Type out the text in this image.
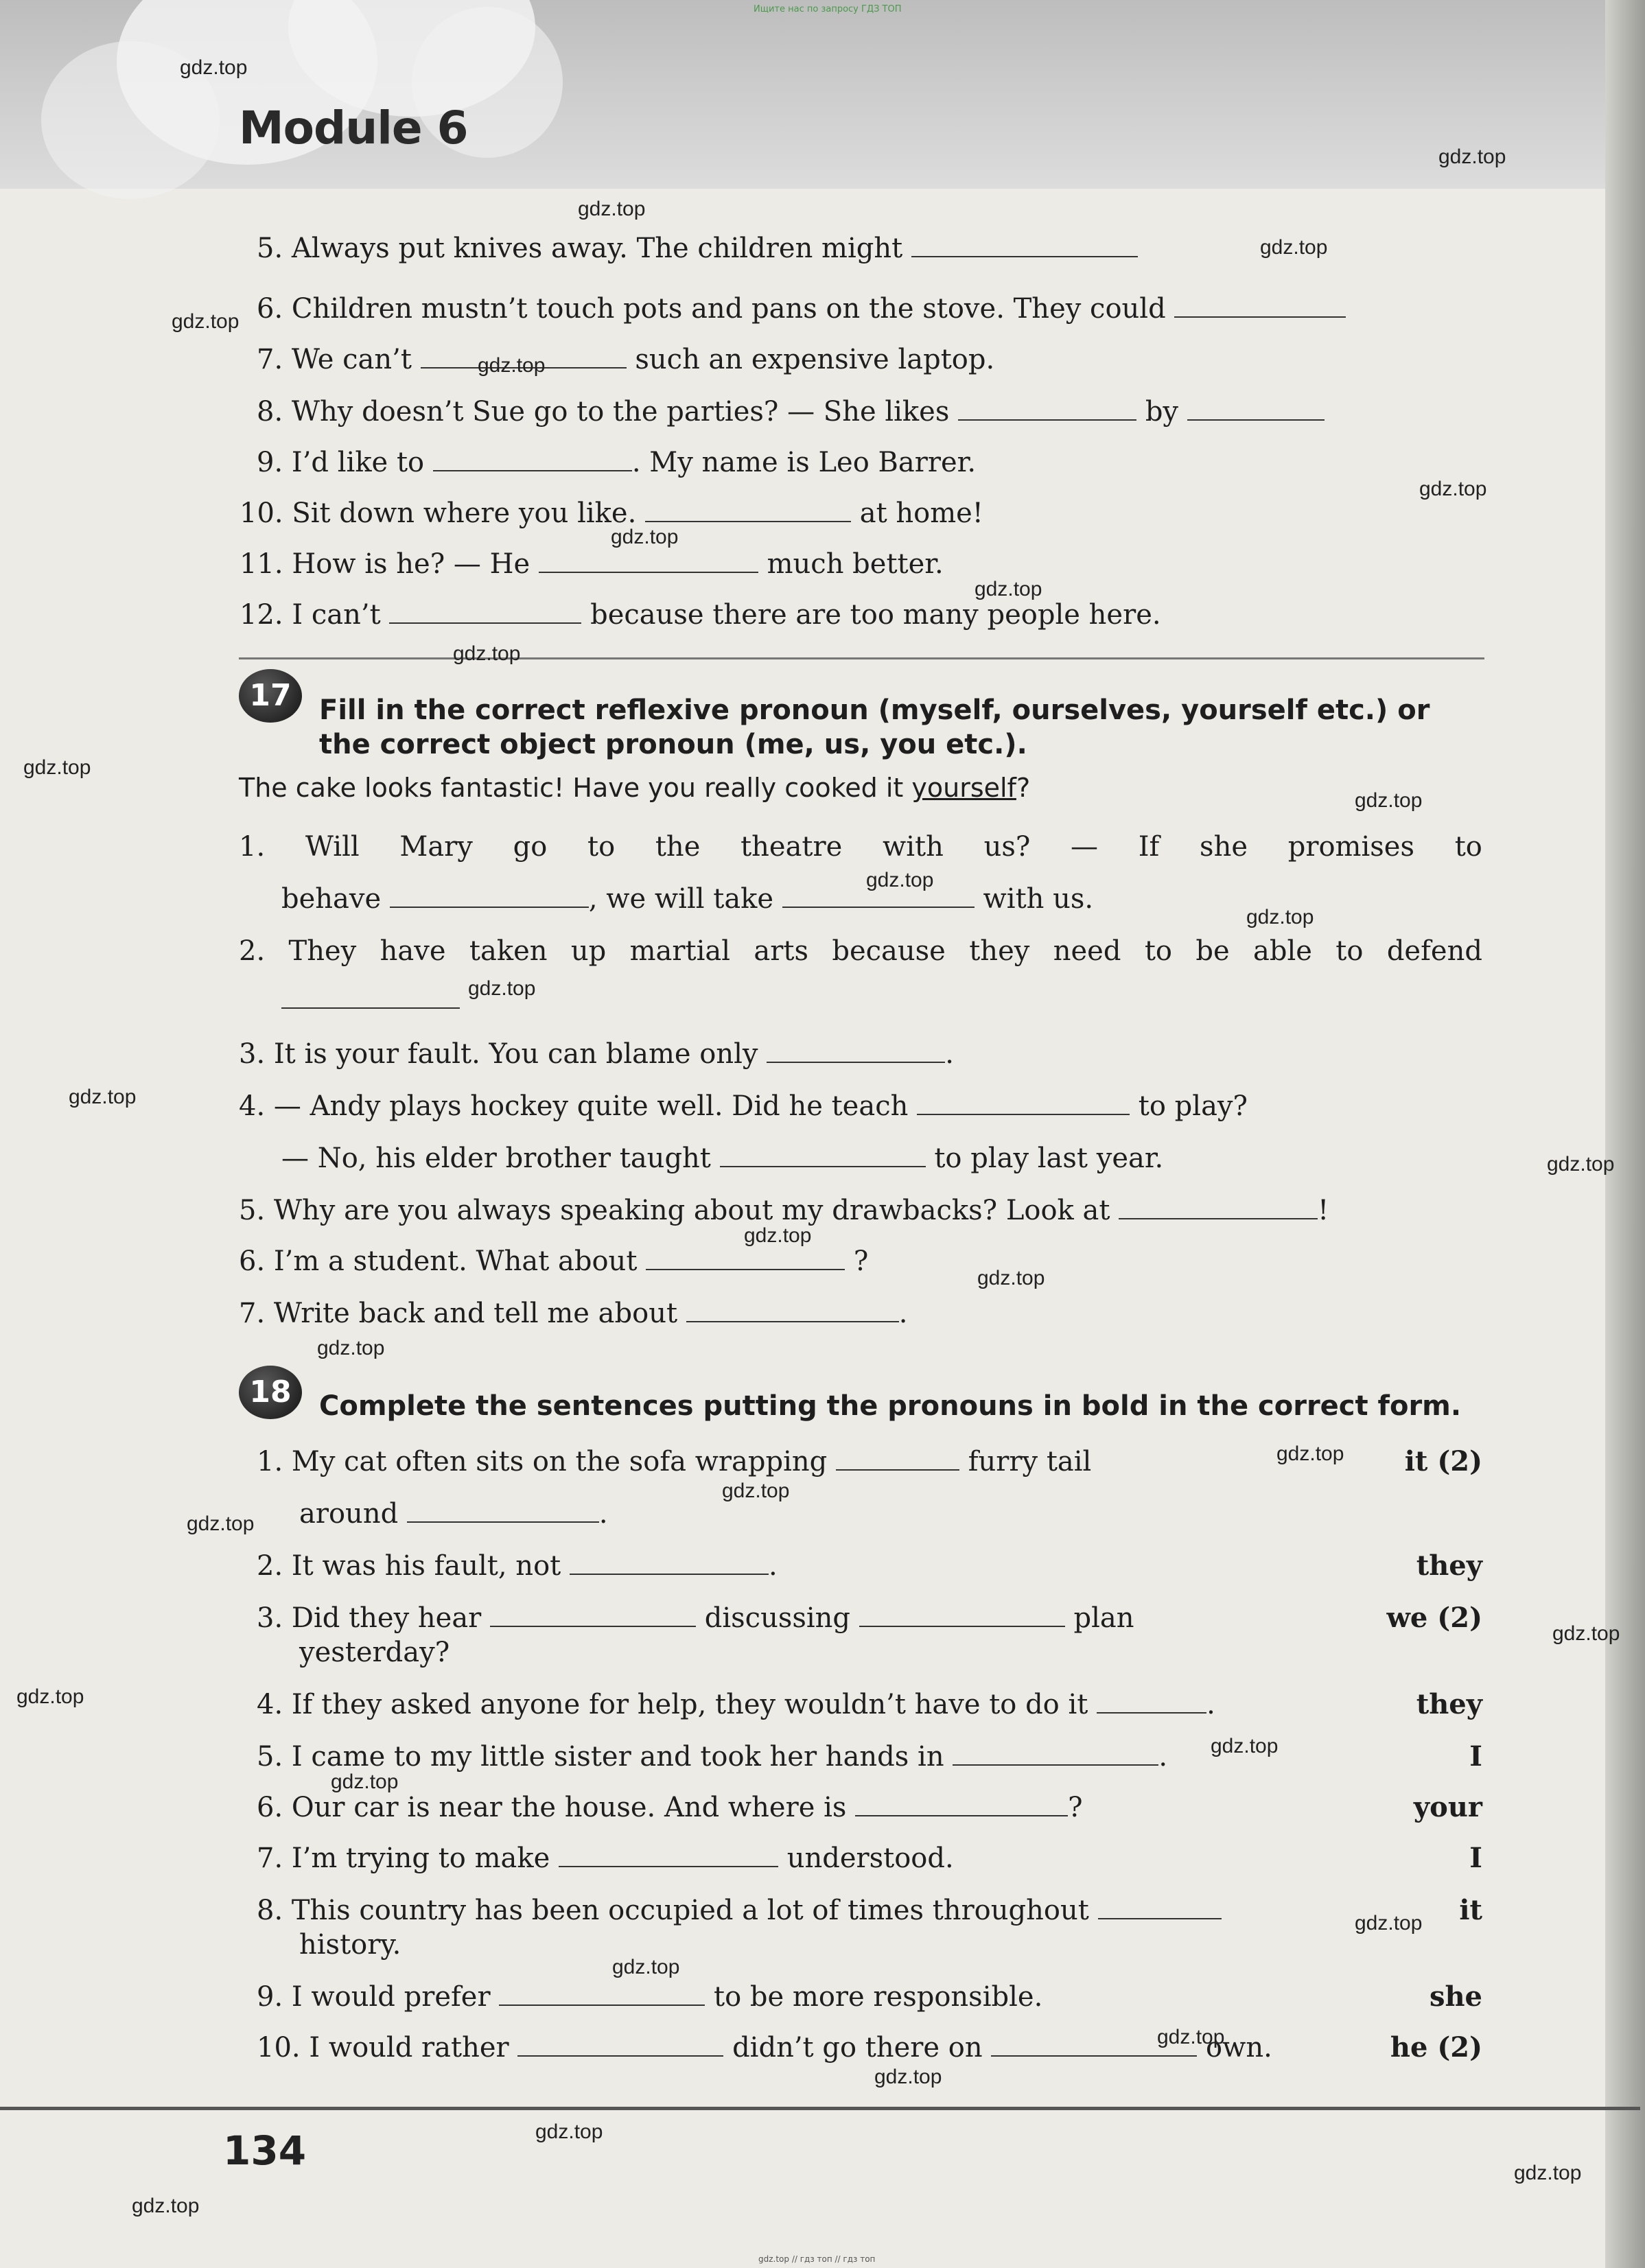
Ищите нас по запросу ГДЗ ТОП
Module 6
5. Always put knives away. The children might
6. Children mustn’t touch pots and pans on the stove. They could
7. We can’t	such an expensive laptop.
8. Why doesn’t Sue go to the parties? — She likes	by
9. I’d like to	. My name is Leo Barrer.
10. Sit down where you like.	at home!
11. How is he? — He	much better.
12. I can’t	because there are too many people here.
17	Fill in the correct reflexive pronoun (myself, ourselves, yourself etc.) or the correct object pronoun (me, us, you etc.).
The cake looks fantastic! Have you really cooked it yourself?
1. Will Mary go to the theatre with us? — If she promises to
behave	, we will take	with us.
2. They have taken up martial arts because they need to be able to defend
3. It is your fault. You can blame only	.
4. — Andy plays hockey quite well. Did he teach	to play?
— No, his elder brother taught	to play last year.
5. Why are you always speaking about my drawbacks? Look at	!
6. I’m a student. What about	?
7. Write back and tell me about	.
18	Complete the sentences putting the pronouns in bold in the correct form.
1. My cat often sits on the sofa wrapping	furry tail	it (2)
around	.
2. It was his fault, not	.	they
3. Did they hear	discussing	plan	we (2)
yesterday?
4. If they asked anyone for help, they wouldn’t have to do it	.	they
5. I came to my little sister and took her hands in	.	I
6. Our car is near the house. And where is	?	your
7. I’m trying to make	understood.	I
8. This country has been occupied a lot of times throughout	it
history.
9. I would prefer	to be more responsible.	she
10. I would rather	didn’t go there on	own.	he (2)
134
gdz.top // гдз топ // гдз топ
gdz.top
gdz.top
gdz.top
gdz.top
gdz.top
gdz.top
gdz.top
gdz.top
gdz.top
gdz.top
gdz.top
gdz.top
gdz.top
gdz.top
gdz.top
gdz.top
gdz.top
gdz.top
gdz.top
gdz.top
gdz.top
gdz.top
gdz.top
gdz.top
gdz.top
gdz.top
gdz.top
gdz.top
gdz.top
gdz.top
gdz.top
gdz.top
gdz.top
gdz.top
